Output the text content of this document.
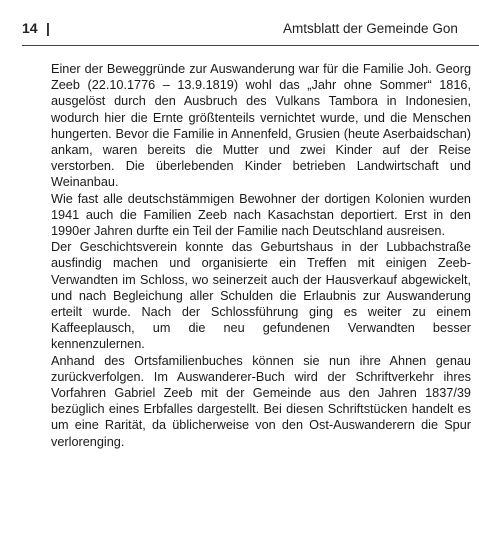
14 |	Amtsblatt der Gemeinde Gon

Einer der Beweggründe zur Auswanderung war für die Familie Joh. Georg Zeeb (22.10.1776 – 13.9.1819) wohl das „Jahr ohne Sommer“ 1816, ausgelöst durch den Ausbruch des Vulkans Tambora in Indonesien, wodurch hier die Ernte größtenteils vernichtet wurde, und die Menschen hungerten. Bevor die Familie in Annenfeld, Grusien (heute Aserbaidschan) ankam, waren bereits die Mutter und zwei Kinder auf der Reise verstorben. Die überlebenden Kinder betrieben Landwirtschaft und Weinanbau.

Wie fast alle deutschstämmigen Bewohner der dortigen Kolonien wurden 1941 auch die Familien Zeeb nach Kasachstan deportiert. Erst in den 1990er Jahren durfte ein Teil der Familie nach Deutschland ausreisen.

Der Geschichtsverein konnte das Geburtshaus in der Lubbachstraße ausfindig machen und organisierte ein Treffen mit einigen Zeeb-Verwandten im Schloss, wo seinerzeit auch der Hausverkauf abgewickelt, und nach Begleichung aller Schulden die Erlaubnis zur Auswanderung erteilt wurde. Nach der Schlossführung ging es weiter zu einem Kaffeeplausch, um die neu gefundenen Verwandten besser kennenzulernen.

Anhand des Ortsfamilienbuches können sie nun ihre Ahnen genau zurückverfolgen. Im Auswanderer-Buch wird der Schriftverkehr ihres Vorfahren Gabriel Zeeb mit der Gemeinde aus den Jahren 1837/39 bezüglich eines Erbfalles dargestellt. Bei diesen Schriftstücken handelt es um eine Rarität, da üblicherweise von den Ost-Auswanderern die Spur verlorenging.
